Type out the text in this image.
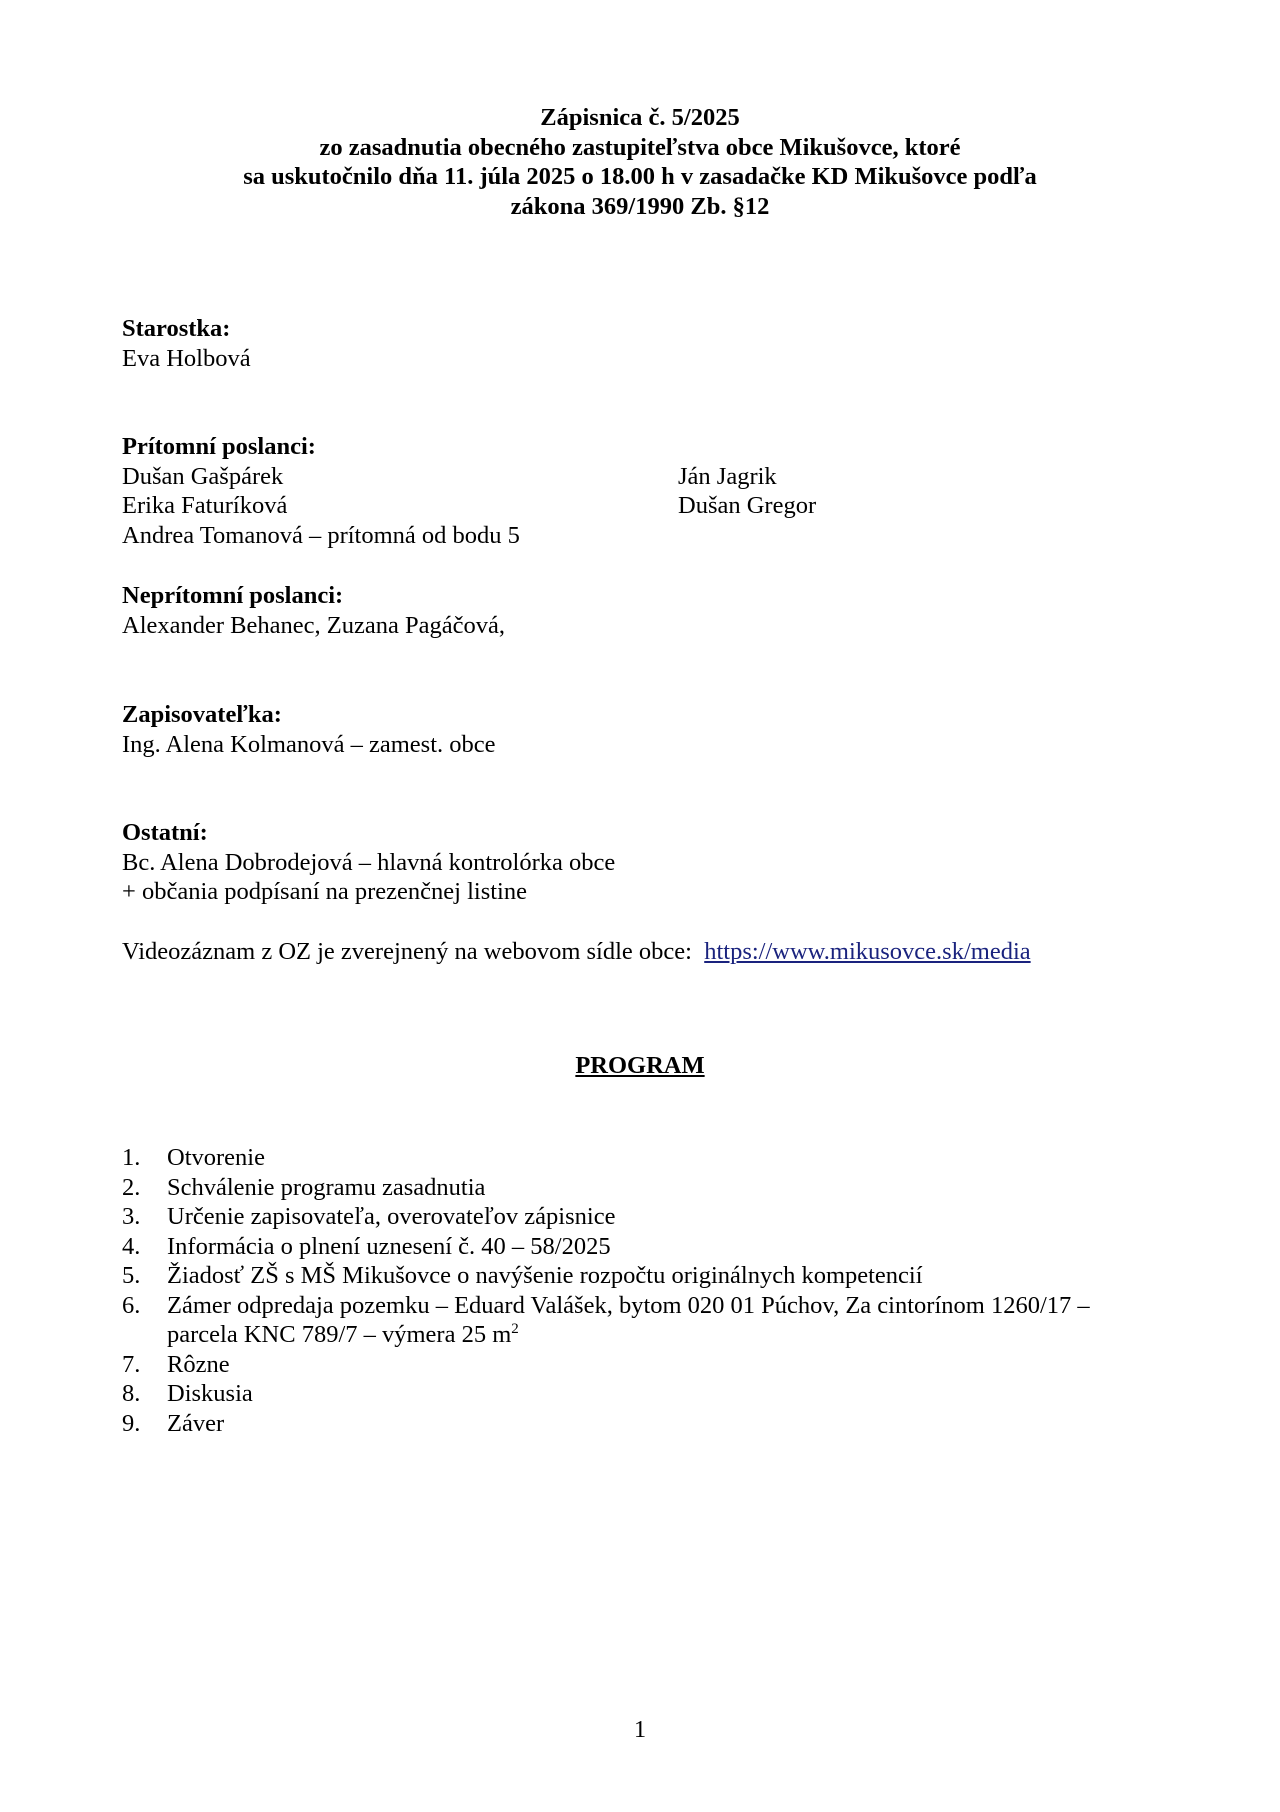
Zápisnica č. 5/2025
zo zasadnutia obecného zastupiteľstva obce Mikušovce, ktoré
sa uskutočnilo dňa 11. júla 2025 o 18.00 h v zasadačke KD Mikušovce podľa
zákona 369/1990 Zb. §12
Starostka:
Eva Holbová
Prítomní poslanci:
Dušan Gašpárek
Erika Faturíková
Andrea Tomanová – prítomná od bodu 5
Ján Jagrik
Dušan Gregor
Neprítomní poslanci:
Alexander Behanec, Zuzana Pagáčová,
Zapisovateľka:
Ing. Alena Kolmanová – zamest. obce
Ostatní:
Bc. Alena Dobrodejová – hlavná kontrolórka obce
+ občania podpísaní na prezenčnej listine
Videozáznam z OZ je zverejnený na webovom sídle obce: https://www.mikusovce.sk/media
PROGRAM
1. Otvorenie
2. Schválenie programu zasadnutia
3. Určenie zapisovateľa, overovateľov zápisnice
4. Informácia o plnení uznesení č. 40 – 58/2025
5. Žiadosť ZŠ s MŠ Mikušovce o navýšenie rozpočtu originálnych kompetencií
6. Zámer odpredaja pozemku – Eduard Valášek, bytom 020 01 Púchov, Za cintorínom 1260/17 –
parcela KNC 789/7 – výmera 25 $m^2$
7. Rôzne
8. Diskusia
9. Záver
1
